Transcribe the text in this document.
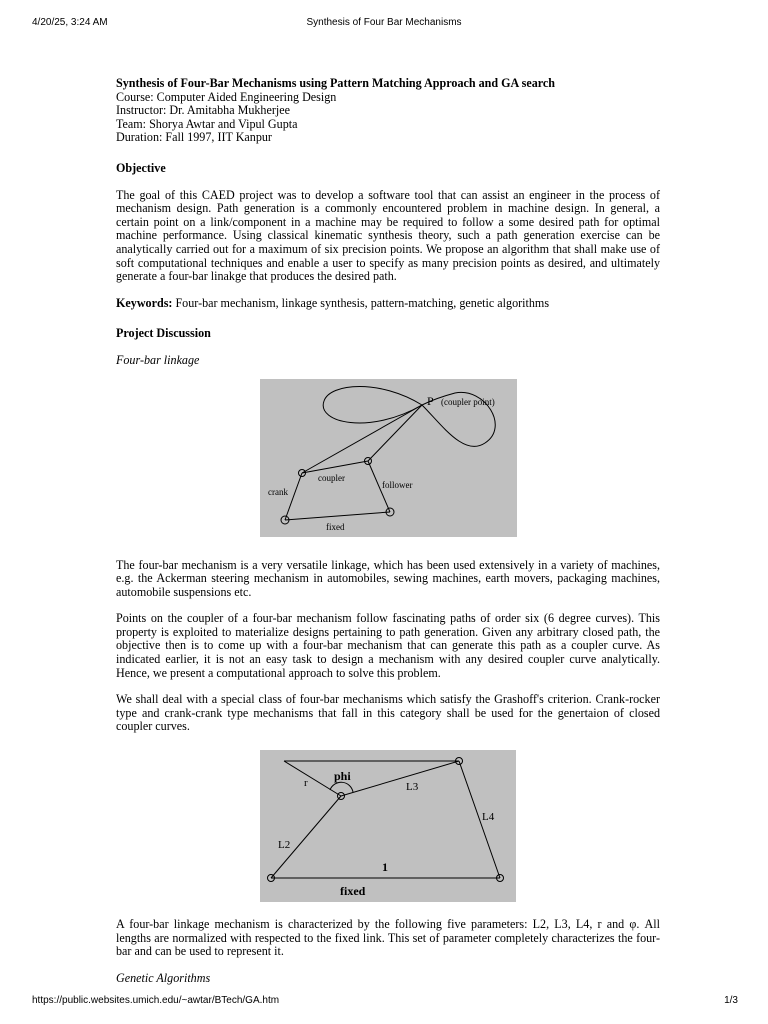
4/20/25, 3:24 AM	Synthesis of Four Bar Mechanisms

Synthesis of Four-Bar Mechanisms using Pattern Matching Approach and GA search

Course: Computer Aided Engineering Design

Instructor: Dr. Amitabha Mukherjee

Team: Shorya Awtar and Vipul Gupta

Duration: Fall 1997, IIT Kanpur

Objective

The goal of this CAED project was to develop a software tool that can assist an engineer in the process of mechanism design. Path generation is a commonly encountered problem in machine design. In general, a certain point on a link/component in a machine may be required to follow a some desired path for optimal machine performance. Using classical kinematic synthesis theory, such a path generation exercise can be analytically carried out for a maximum of six precision points. We propose an algorithm that shall make use of soft computational techniques and enable a user to specify as many precision points as desired, and ultimately generate a four-bar linakge that produces the desired path.

Keywords: Four-bar mechanism, linkage synthesis, pattern-matching, genetic algorithms

Project Discussion

Four-bar linkage

P (coupler point)
coupler
crank
follower
fixed

The four-bar mechanism is a very versatile linkage, which has been used extensively in a variety of machines, e.g. the Ackerman steering mechanism in automobiles, sewing machines, earth movers, packaging machines, automobile suspensions etc.

Points on the coupler of a four-bar mechanism follow fascinating paths of order six (6 degree curves). This property is exploited to materialize designs pertaining to path generation. Given any arbitrary closed path, the objective then is to come up with a four-bar mechanism that can generate this path as a coupler curve. As indicated earlier, it is not an easy task to design a mechanism with any desired coupler curve analytically. Hence, we present a computational approach to solve this problem.

We shall deal with a special class of four-bar mechanisms which satisfy the Grashoff's criterion. Crank-rocker type and crank-crank type mechanisms that fall in this category shall be used for the genertaion of closed coupler curves.

phi
r	L3
L4
L2
1
fixed

A four-bar linkage mechanism is characterized by the following five parameters: L2, L3, L4, r and φ. All lengths are normalized with respected to the fixed link. This set of parameter completely characterizes the four-bar and can be used to represent it.

Genetic Algorithms

https://public.websites.umich.edu/~awtar/BTech/GA.htm	1/3
